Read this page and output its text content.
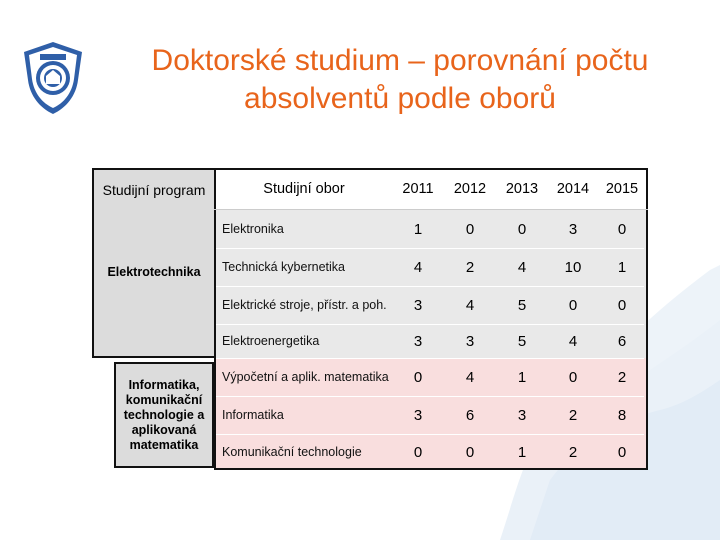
Doktorské studium – porovnání počtu
absolventů podle oborů
Studijní program	Studijní obor	2011	2012	2013	2014	2015
Elektrotechnika
Informatika, komunikační technologie a aplikovaná matematika
Elektronika	1	0	0	3	0
Technická kybernetika	4	2	4	10	1
Elektrické stroje, přístr. a poh.	3	4	5	0	0
Elektroenergetika	3	3	5	4	6
Výpočetní a aplik. matematika	0	4	1	0	2
Informatika	3	6	3	2	8
Komunikační technologie	0	0	1	2	0
